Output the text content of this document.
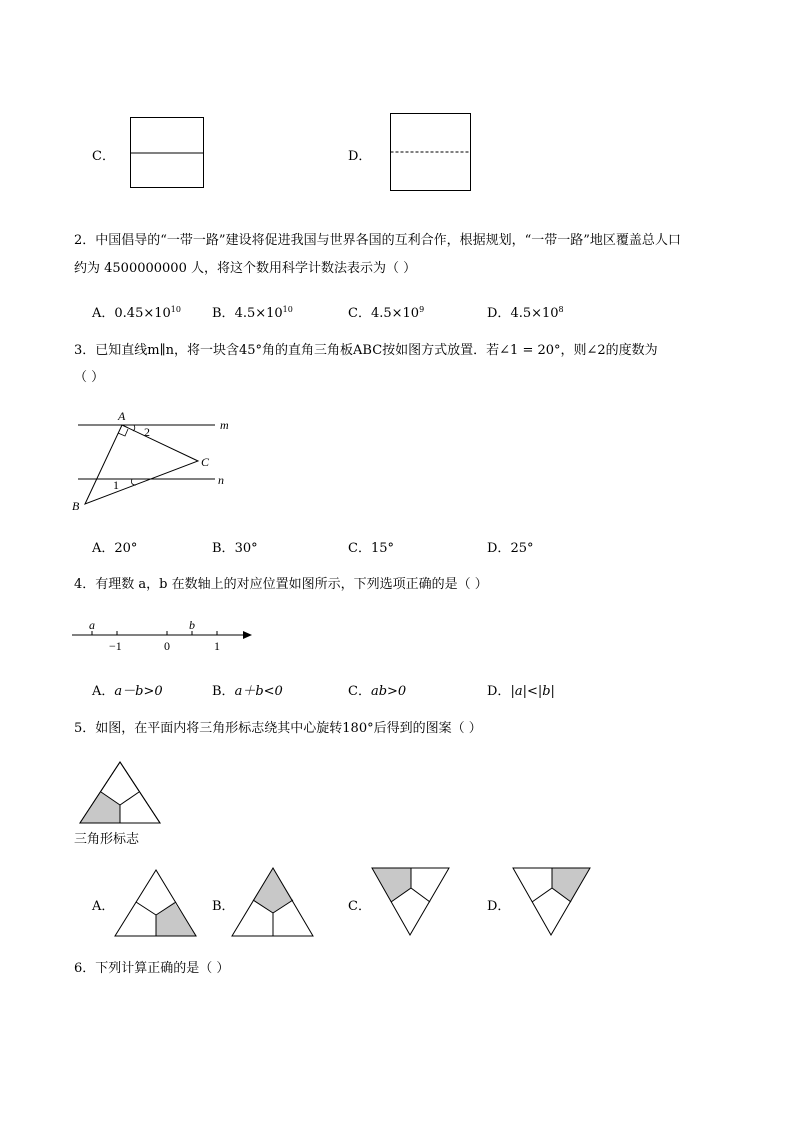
C．	D．
2．中国倡导的“一带一路”建设将促进我国与世界各国的互利合作，根据规划，“一带一路”地区覆盖总人口
约为 4500000000 人，将这个数用科学计数法表示为（ ）
A．$0.45\times 10^{10}$ B．$4.5\times 10^{10}$	C．$4.5\times 10^9$	D．$4.5\times 10^8$
3．已知直线m∥n，将一块含45°角的直角三角板ABC按如图方式放置．若∠1 = 20°，则∠2的度数为
（ ）
A
2	m
C
n
1
B
A．20°	B．30°	C．15°	D．25°
4．有理数 a，b 在数轴上的对应位置如图所示，下列选项正确的是（ ）
a	b
−1	0	1
A．a－b>0	B．a＋b<0	C．ab>0	D．|a|<|b|
5．如图，在平面内将三角形标志绕其中心旋转180°后得到的图案（ ）
三角形标志
A．	B．	C．	D．
6．下列计算正确的是（ ）
